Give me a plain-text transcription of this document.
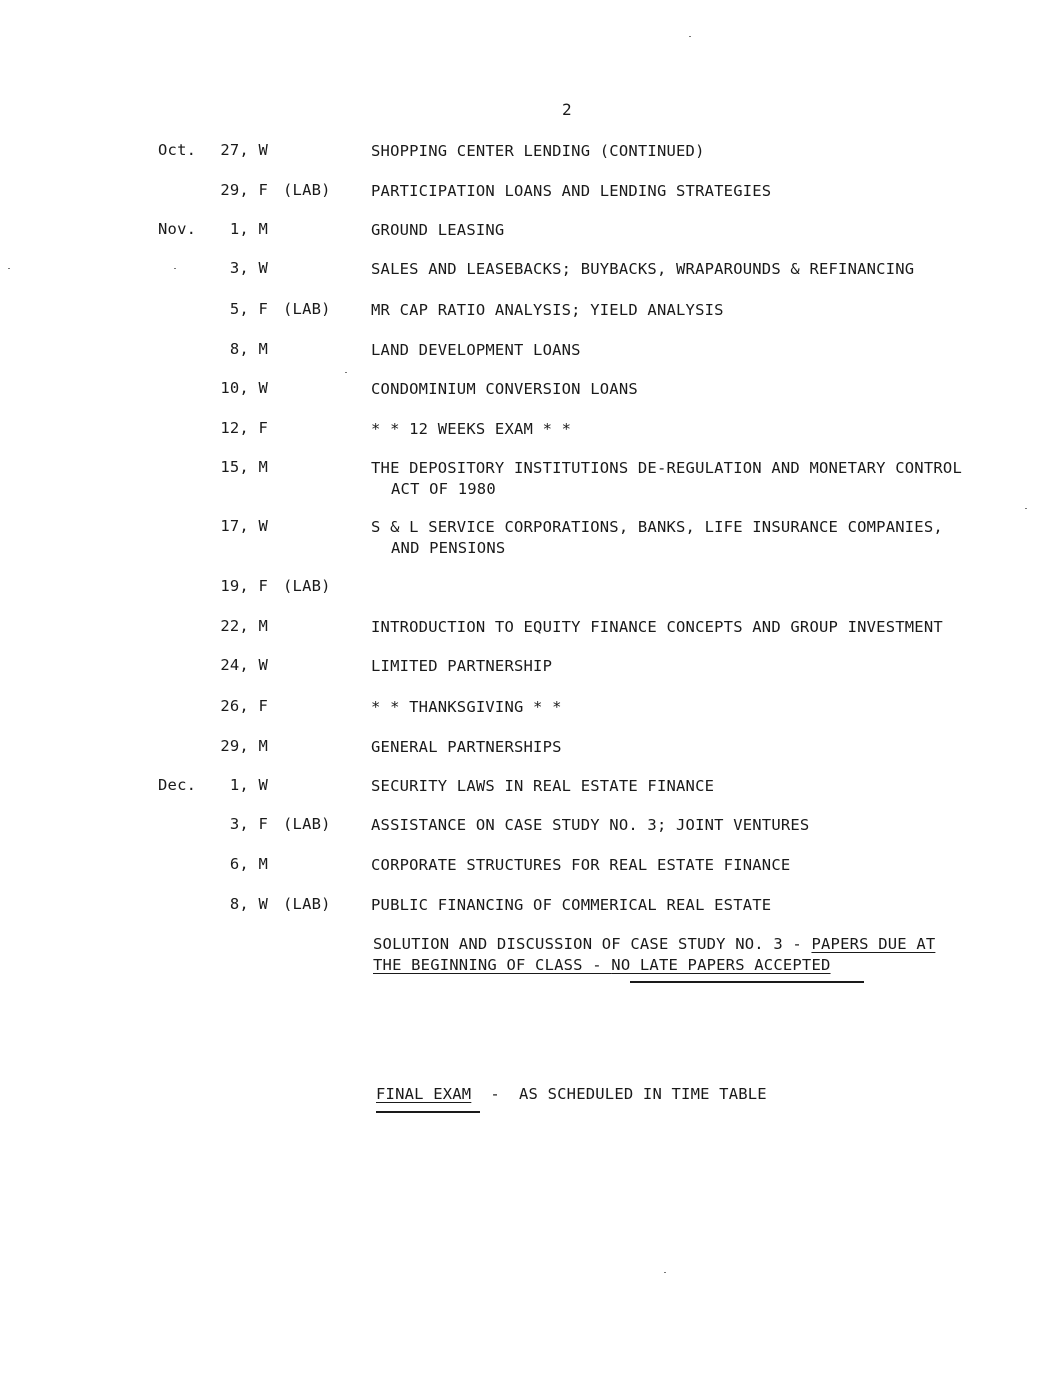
2
Oct. 27, W	SHOPPING CENTER LENDING (CONTINUED)
29, F (LAB)	PARTICIPATION LOANS AND LENDING STRATEGIES
Nov.	1, M	GROUND LEASING
3, W	SALES AND LEASEBACKS; BUYBACKS, WRAPAROUNDS & REFINANCING
5, F (LAB)	MR CAP RATIO ANALYSIS; YIELD ANALYSIS
8, M	LAND DEVELOPMENT LOANS
10, W	CONDOMINIUM CONVERSION LOANS
12, F	* * 12 WEEKS EXAM * *
15, M	THE DEPOSITORY INSTITUTIONS DE-REGULATION AND MONETARY CONTROL
ACT OF 1980
17, W	S & L SERVICE CORPORATIONS, BANKS, LIFE INSURANCE COMPANIES,
AND PENSIONS
19, F (LAB)
22, M	INTRODUCTION TO EQUITY FINANCE CONCEPTS AND GROUP INVESTMENT
24, W	LIMITED PARTNERSHIP
26, F	* * THANKSGIVING * *
29, M	GENERAL PARTNERSHIPS
Dec.	1, W	SECURITY LAWS IN REAL ESTATE FINANCE
3, F (LAB)	ASSISTANCE ON CASE STUDY NO. 3; JOINT VENTURES
6, M	CORPORATE STRUCTURES FOR REAL ESTATE FINANCE
8, W (LAB)	PUBLIC FINANCING OF COMMERICAL REAL ESTATE
SOLUTION AND DISCUSSION OF CASE STUDY NO. 3 - PAPERS DUE AT
THE BEGINNING OF CLASS - NO LATE PAPERS ACCEPTED
FINAL EXAM  -  AS SCHEDULED IN TIME TABLE
